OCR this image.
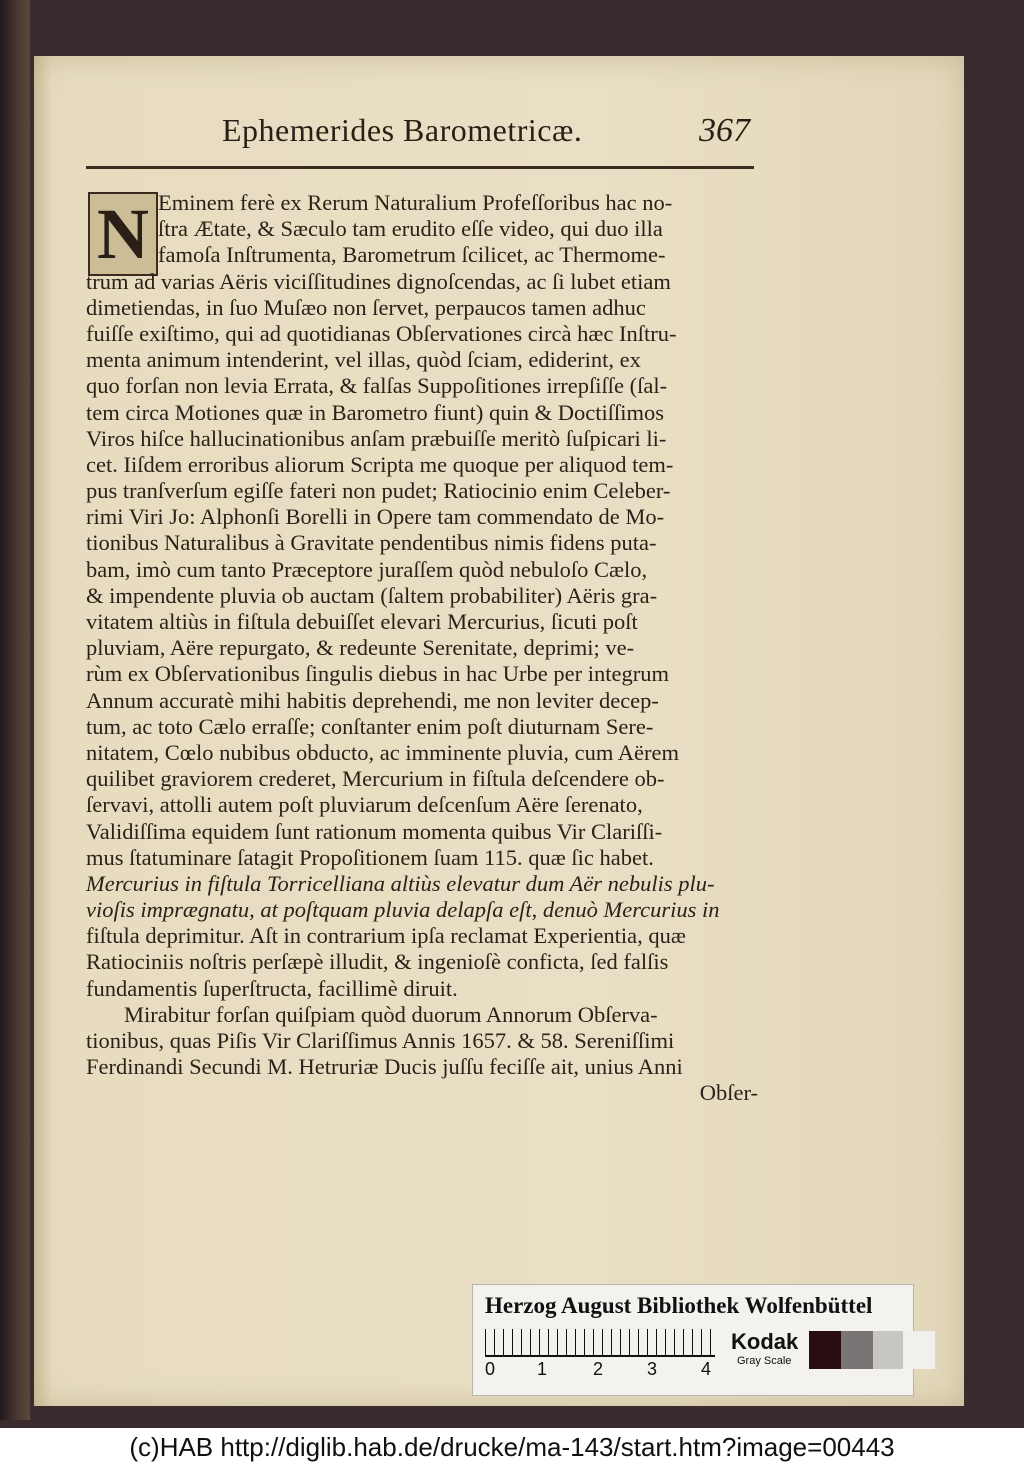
Ephemerides Barometricæ.	367
N Eminem ferè ex Rerum Naturalium Profeſſoribus hac no-
ſtra Ætate, & Sæculo tam erudito eſſe video, qui duo illa
famoſa Inſtrumenta, Barometrum ſcilicet, ac Thermome-
trum ad varias Aëris viciſſitudines dignoſcendas, ac ſi lubet etiam
dimetiendas, in ſuo Muſæo non ſervet, perpaucos tamen adhuc
fuiſſe exiſtimo, qui ad quotidianas Obſervationes circà hæc Inſtru-
menta animum intenderint, vel illas, quòd ſciam, ediderint, ex
quo forſan non levia Errata, & falſas Suppoſitiones irrepſiſſe (ſal-
tem circa Motiones quæ in Barometro fiunt) quin & Doctiſſimos
Viros hiſce hallucinationibus anſam præbuiſſe meritò ſuſpicari li-
cet. Iiſdem erroribus aliorum Scripta me quoque per aliquod tem-
pus tranſverſum egiſſe fateri non pudet; Ratiocinio enim Celeber-
rimi Viri Jo: Alphonſi Borelli in Opere tam commendato de Mo-
tionibus Naturalibus à Gravitate pendentibus nimis fidens puta-
bam, imò cum tanto Præceptore juraſſem quòd nebuloſo Cælo,
& impendente pluvia ob auctam (ſaltem probabiliter) Aëris gra-
vitatem altiùs in fiſtula debuiſſet elevari Mercurius, ſicuti poſt
pluviam, Aëre repurgato, & redeunte Serenitate, deprimi; ve-
rùm ex Obſervationibus ſingulis diebus in hac Urbe per integrum
Annum accuratè mihi habitis deprehendi, me non leviter decep-
tum, ac toto Cælo erraſſe; conſtanter enim poſt diuturnam Sere-
nitatem, Cœlo nubibus obducto, ac imminente pluvia, cum Aërem
quilibet graviorem crederet, Mercurium in fiſtula deſcendere ob-
ſervavi, attolli autem poſt pluviarum deſcenſum Aëre ſerenato,
Validiſſima equidem ſunt rationum momenta quibus Vir Clariſſi-
mus ſtatuminare ſatagit Propoſitionem ſuam 115. quæ ſic habet.
Mercurius in fiſtula Torricelliana altiùs elevatur dum Aër nebulis plu-
vioſis imprægnatu, at poſtquam pluvia delapſa eſt, denuò Mercurius in
fiſtula deprimitur. Aſt in contrarium ipſa reclamat Experientia, quæ
Ratiociniis noſtris perſæpè illudit, & ingenioſè conficta, ſed falſis
fundamentis ſuperſtructa, facillimè diruit.
Mirabitur forſan quiſpiam quòd duorum Annorum Obſerva-
tionibus, quas Piſis Vir Clariſſimus Annis 1657. & 58. Sereniſſimi
Ferdinandi Secundi M. Hetruriæ Ducis juſſu feciſſe ait, unius Anni
Obſer-
Herzog August Bibliothek Wolfenbüttel
0 1	2 3 4
Kodak
Gray Scale
(c)HAB http://diglib.hab.de/drucke/ma-143/start.htm?image=00443
